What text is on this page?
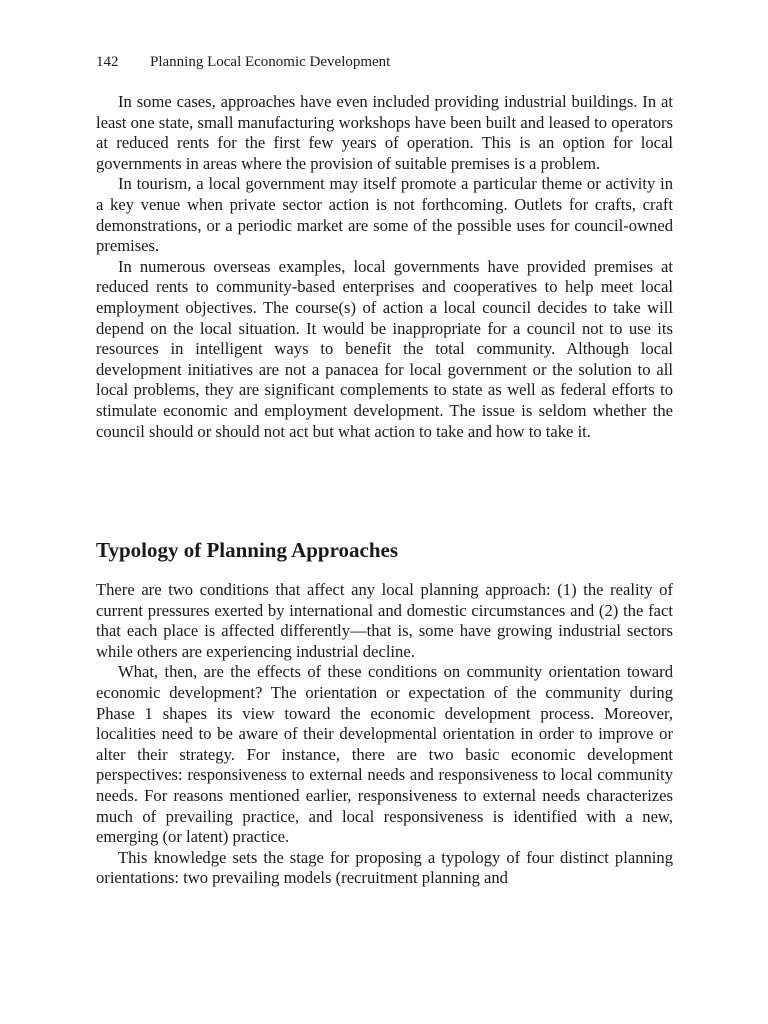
142 Planning Local Economic Development

In some cases, approaches have even included providing industrial buildings. In at least one state, small manufacturing workshops have been built and leased to operators at reduced rents for the first few years of operation. This is an option for local governments in areas where the provision of suitable premises is a problem.

In tourism, a local government may itself promote a particular theme or activity in a key venue when private sector action is not forthcoming. Outlets for crafts, craft demonstrations, or a periodic market are some of the possible uses for council-owned premises.

In numerous overseas examples, local governments have provided premises at reduced rents to community-based enterprises and cooperatives to help meet local employment objectives. The course(s) of action a local council decides to take will depend on the local situation. It would be inappropriate for a council not to use its resources in intelligent ways to benefit the total community. Although local development initiatives are not a panacea for local government or the solution to all local problems, they are significant complements to state as well as federal efforts to stimulate economic and employment development. The issue is seldom whether the council should or should not act but what action to take and how to take it.

Typology of Planning Approaches

There are two conditions that affect any local planning approach: (1) the reality of current pressures exerted by international and domestic circumstances and (2) the fact that each place is affected differently—that is, some have growing industrial sectors while others are experiencing industrial decline.

What, then, are the effects of these conditions on community orientation toward economic development? The orientation or expectation of the community during Phase 1 shapes its view toward the economic development process. Moreover, localities need to be aware of their developmental orientation in order to improve or alter their strategy. For instance, there are two basic economic development perspectives: responsiveness to external needs and responsiveness to local community needs. For reasons mentioned earlier, responsiveness to external needs characterizes much of prevailing practice, and local responsiveness is identified with a new, emerging (or latent) practice.

This knowledge sets the stage for proposing a typology of four distinct planning orientations: two prevailing models (recruitment planning and
